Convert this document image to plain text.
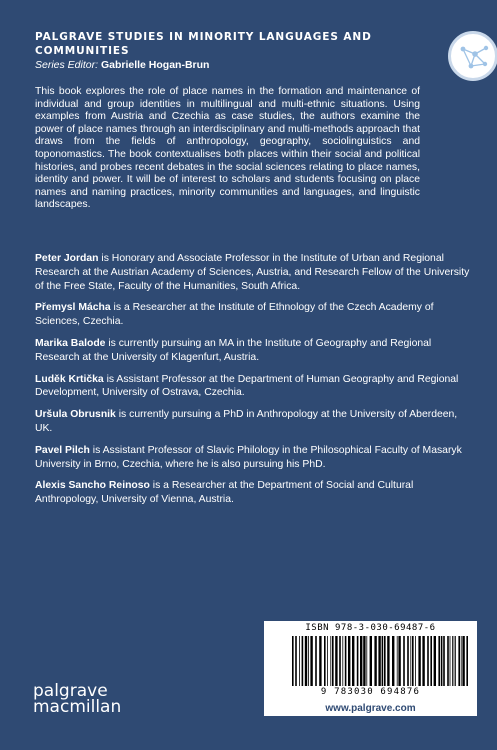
PALGRAVE STUDIES IN MINORITY LANGUAGES AND COMMUNITIES
Series Editor: Gabrielle Hogan-Brun

This book explores the role of place names in the formation and maintenance of individual and group identities in multilingual and multi-ethnic situations. Using examples from Austria and Czechia as case studies, the authors examine the power of place names through an interdisciplinary and multi-methods approach that draws from the fields of anthropology, geography, sociolinguistics and toponomastics. The book contextualises both places within their social and political histories, and probes recent debates in the social sciences relating to place names, identity and power. It will be of interest to scholars and students focusing on place names and naming practices, minority communities and languages, and linguistic landscapes.

Peter Jordan is Honorary and Associate Professor in the Institute of Urban and Regional Research at the Austrian Academy of Sciences, Austria, and Research Fellow of the University of the Free State, Faculty of the Humanities, South Africa.

Přemysl Mácha is a Researcher at the Institute of Ethnology of the Czech Academy of Sciences, Czechia.

Marika Balode is currently pursuing an MA in the Institute of Geography and Regional Research at the University of Klagenfurt, Austria.

Luděk Krtička is Assistant Professor at the Department of Human Geography and Regional Development, University of Ostrava, Czechia.

Uršula Obrusnik is currently pursuing a PhD in Anthropology at the University of Aberdeen, UK.

Pavel Pilch is Assistant Professor of Slavic Philology in the Philosophical Faculty of Masaryk University in Brno, Czechia, where he is also pursuing his PhD.

Alexis Sancho Reinoso is a Researcher at the Department of Social and Cultural Anthropology, University of Vienna, Austria.

ISBN 978-3-030-69487-6
9 783030 694876
www.palgrave.com
palgrave
macmillan
